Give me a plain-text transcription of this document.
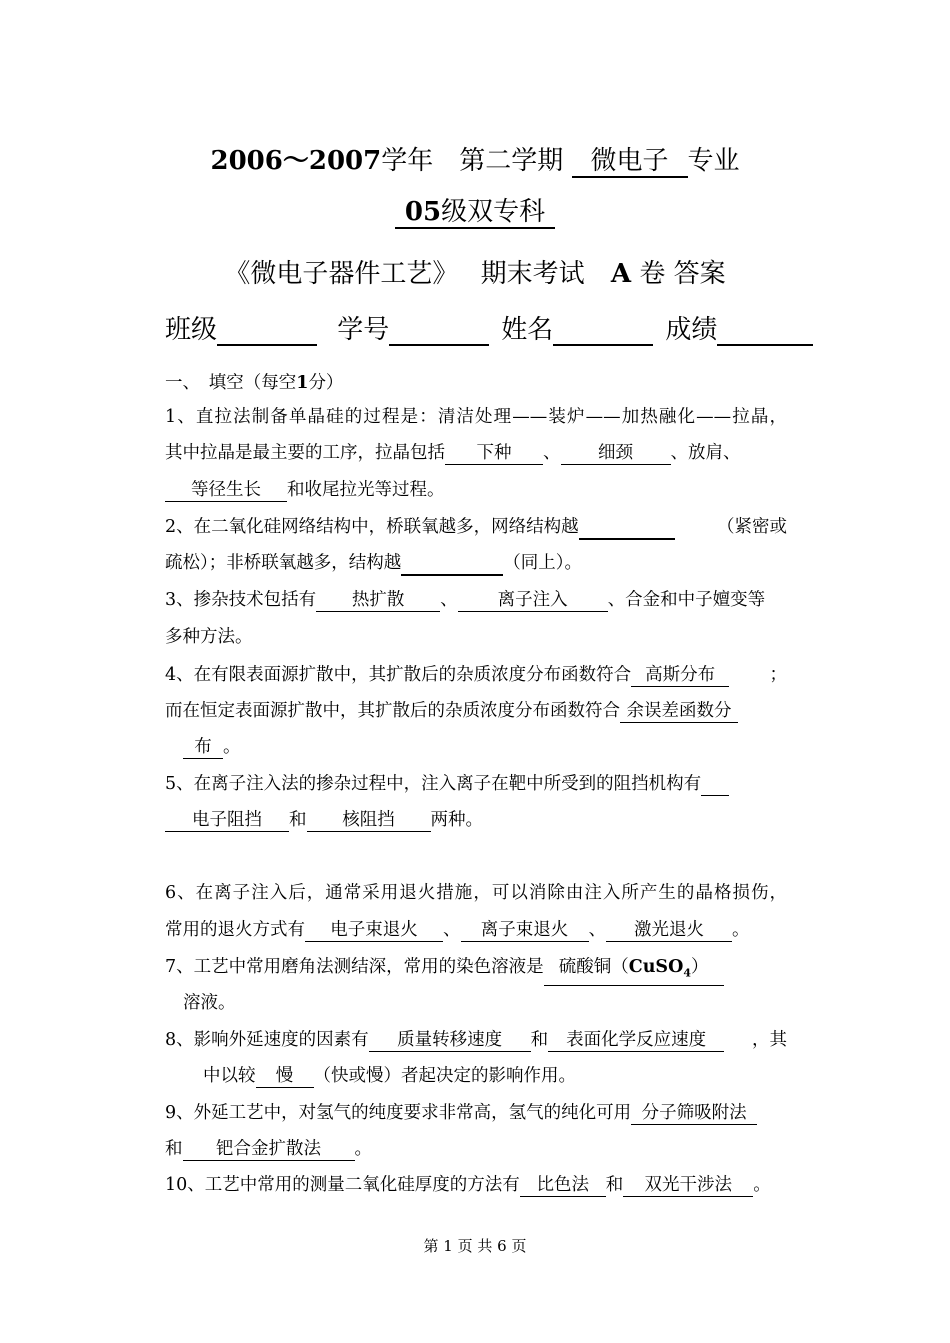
2006～2007学年　第二学期 微电子 专业
05级双专科
《微电子器件工艺》 期末考试 A 卷 答案
班级	学号	姓名	成绩
一、　 填空（每空1分）
1、直拉法制备单晶硅的过程是：清洁处理——装炉——加热融化——拉晶，
其中拉晶是最主要的工序，拉晶包括 下种 、 细颈 、放肩、
等径生长 和收尾拉光等过程。
2、在二氧化硅网络结构中，桥联氧越多，网络结构越	（紧密或
疏松）；非桥联氧越多，结构越	（同上）。
3、掺杂技术包括有 热扩散 、 离子注入 、合金和中子嬗变等
多种方法。
4、在有限表面源扩散中，其扩散后的杂质浓度分布函数符合 高斯分布	；
而在恒定表面源扩散中，其扩散后的杂质浓度分布函数符合 余误差函数分
布 。
5、在离子注入法的掺杂过程中，注入离子在靶中所受到的阻挡机构有
电子阻挡 和 核阻挡 两种。
6、在离子注入后，通常采用退火措施，可以消除由注入所产生的晶格损伤，
常用的退火方式有 电子束退火 、 离子束退火 、 激光退火 。
7、工艺中常用磨角法测结深，常用的染色溶液是 硫酸铜（CuSO$_4$）
溶液。
8、影响外延速度的因素有 质量转移速度 和 表面化学反应速度	，其
中以较 慢 （快或慢）者起决定的影响作用。
9、外延工艺中，对氢气的纯度要求非常高，氢气的纯化可用 分子筛吸附法
和 钯合金扩散法 。
10、工艺中常用的测量二氧化硅厚度的方法有 比色法 和 双光干涉法 。
第 1 页 共 6 页
